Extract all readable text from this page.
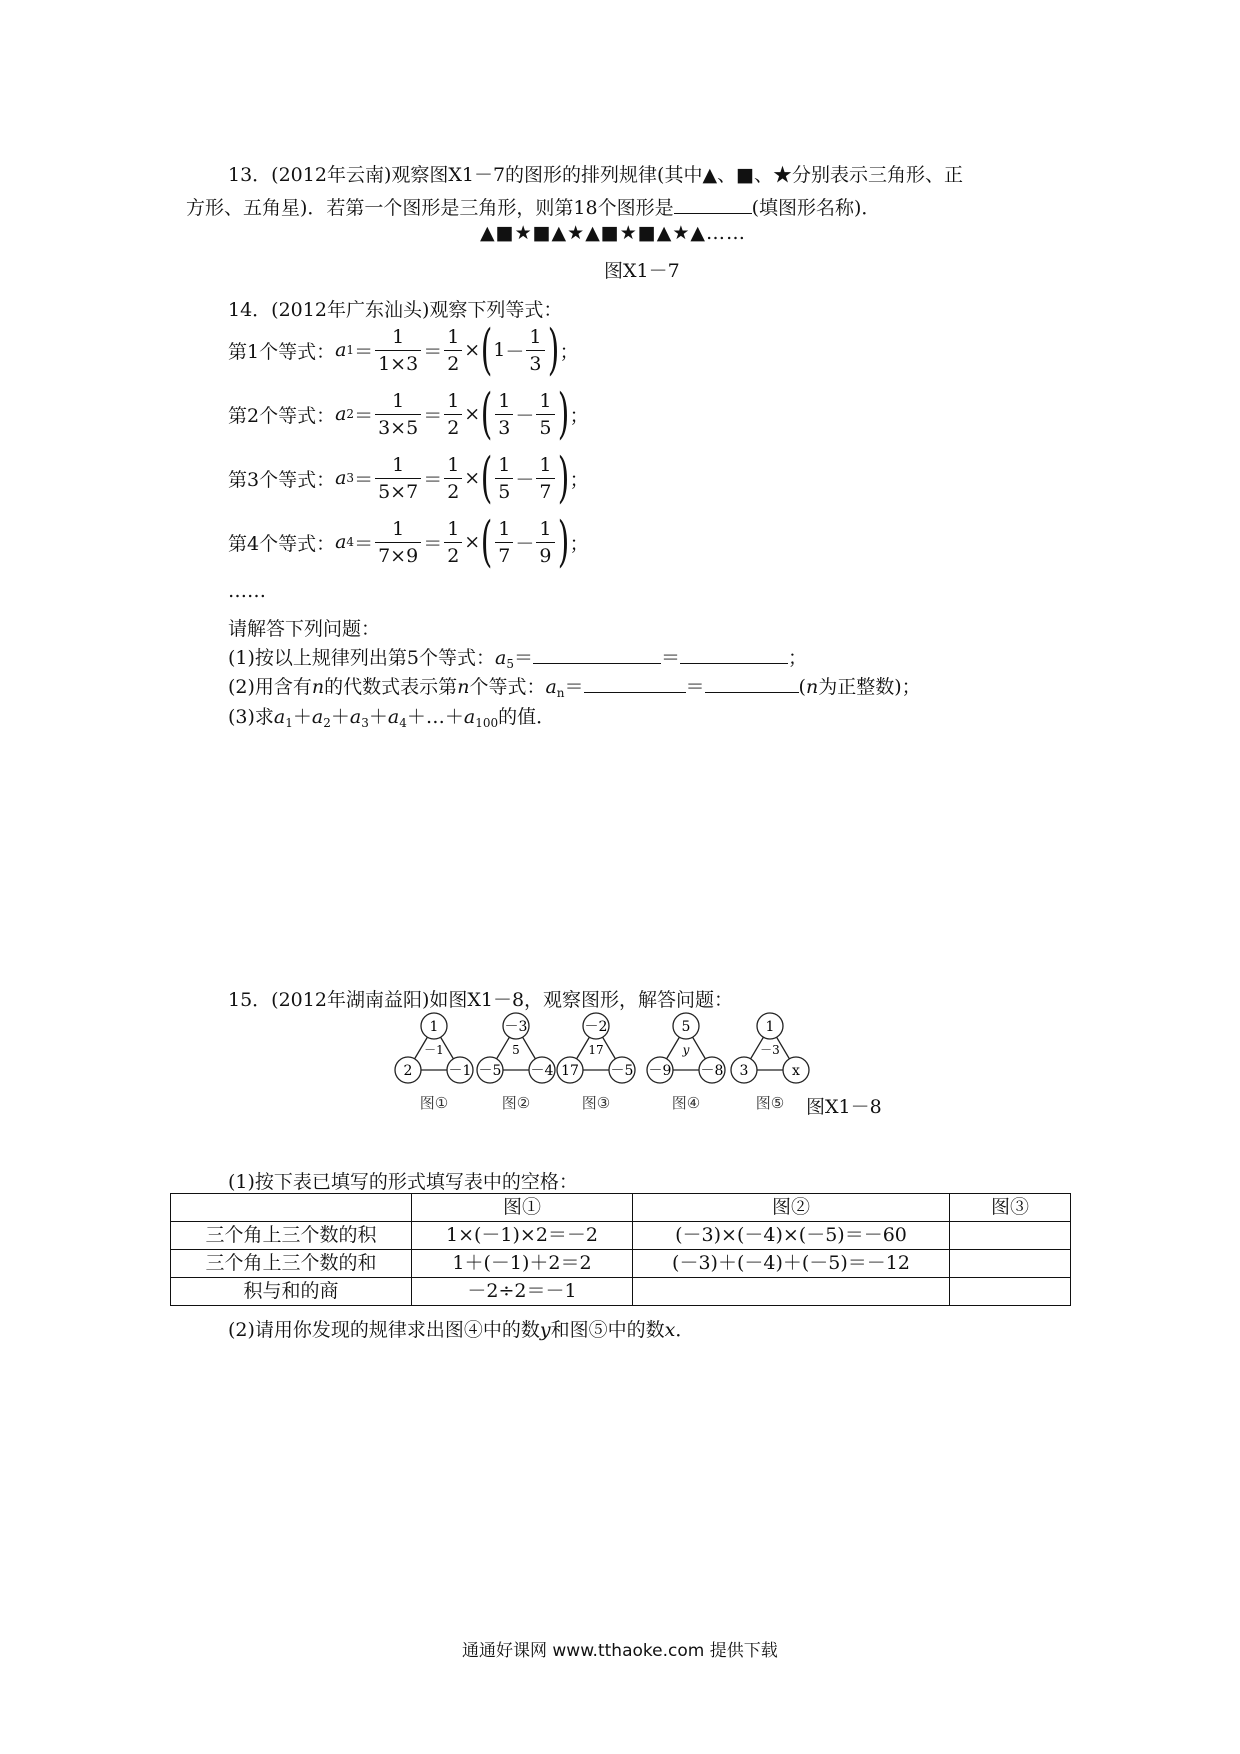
13．(2012年云南)观察图X1－7的图形的排列规律(其中▲、■、★分别表示三角形、正
方形、五角星)．若第一个图形是三角形，则第18个图形是	(填图形名称)．
▲■★■▲★▲■★■▲★▲……
图X1－7
14．(2012年广东汕头)观察下列等式：
第1个等式： a $1 = \frac{1}{1\times 3} = \frac{1}{2}$ × ( $1 - \frac{1}{3}$ ) ；
第2个等式： a $2 = \frac{1}{3\times 5} = \frac{1}{2}$ × ( $\frac{1}{3} - \frac{1}{5}$ ) ；
第3个等式： a $3 = \frac{1}{5\times 7} = \frac{1}{2}$ × ( $\frac{1}{5} - \frac{1}{7}$ ) ；
第4个等式： a $4 = \frac{1}{7\times 9} = \frac{1}{2}$ × ( $\frac{1}{7} - \frac{1}{9}$ ) ；
……
请解答下列问题：
(1)按以上规律列出第5个等式：$a_5=$	＝	；
(2)用含有n的代数式表示第n个等式：$a_n=$	＝	(n为正整数)；
(3)求$a_1+a_2+a_3+a_4+\dots+a_{100}$的值．
15．(2012年湖南益阳)如图X1－8，观察图形，解答问题：
1
2	－1
－1
图①
－3
－5 －4
5
图②
－2
17 －5
17
图③
5
－9 －8
y
图④
1
3	x
－3
图⑤ 图X1－8
(1)按下表已填写的形式填写表中的空格：
	图①	图②	图③
三个角上三个数的积	1×(－1)×2＝－2	(－3)×(－4)×(－5)＝－60	
三个角上三个数的和	1＋(－1)＋2＝2	(－3)＋(－4)＋(－5)＝－12	
积与和的商	－2÷2＝－1		
(2)请用你发现的规律求出图④中的数y和图⑤中的数x．
通通好课网 www.tthaoke.com 提供下载
